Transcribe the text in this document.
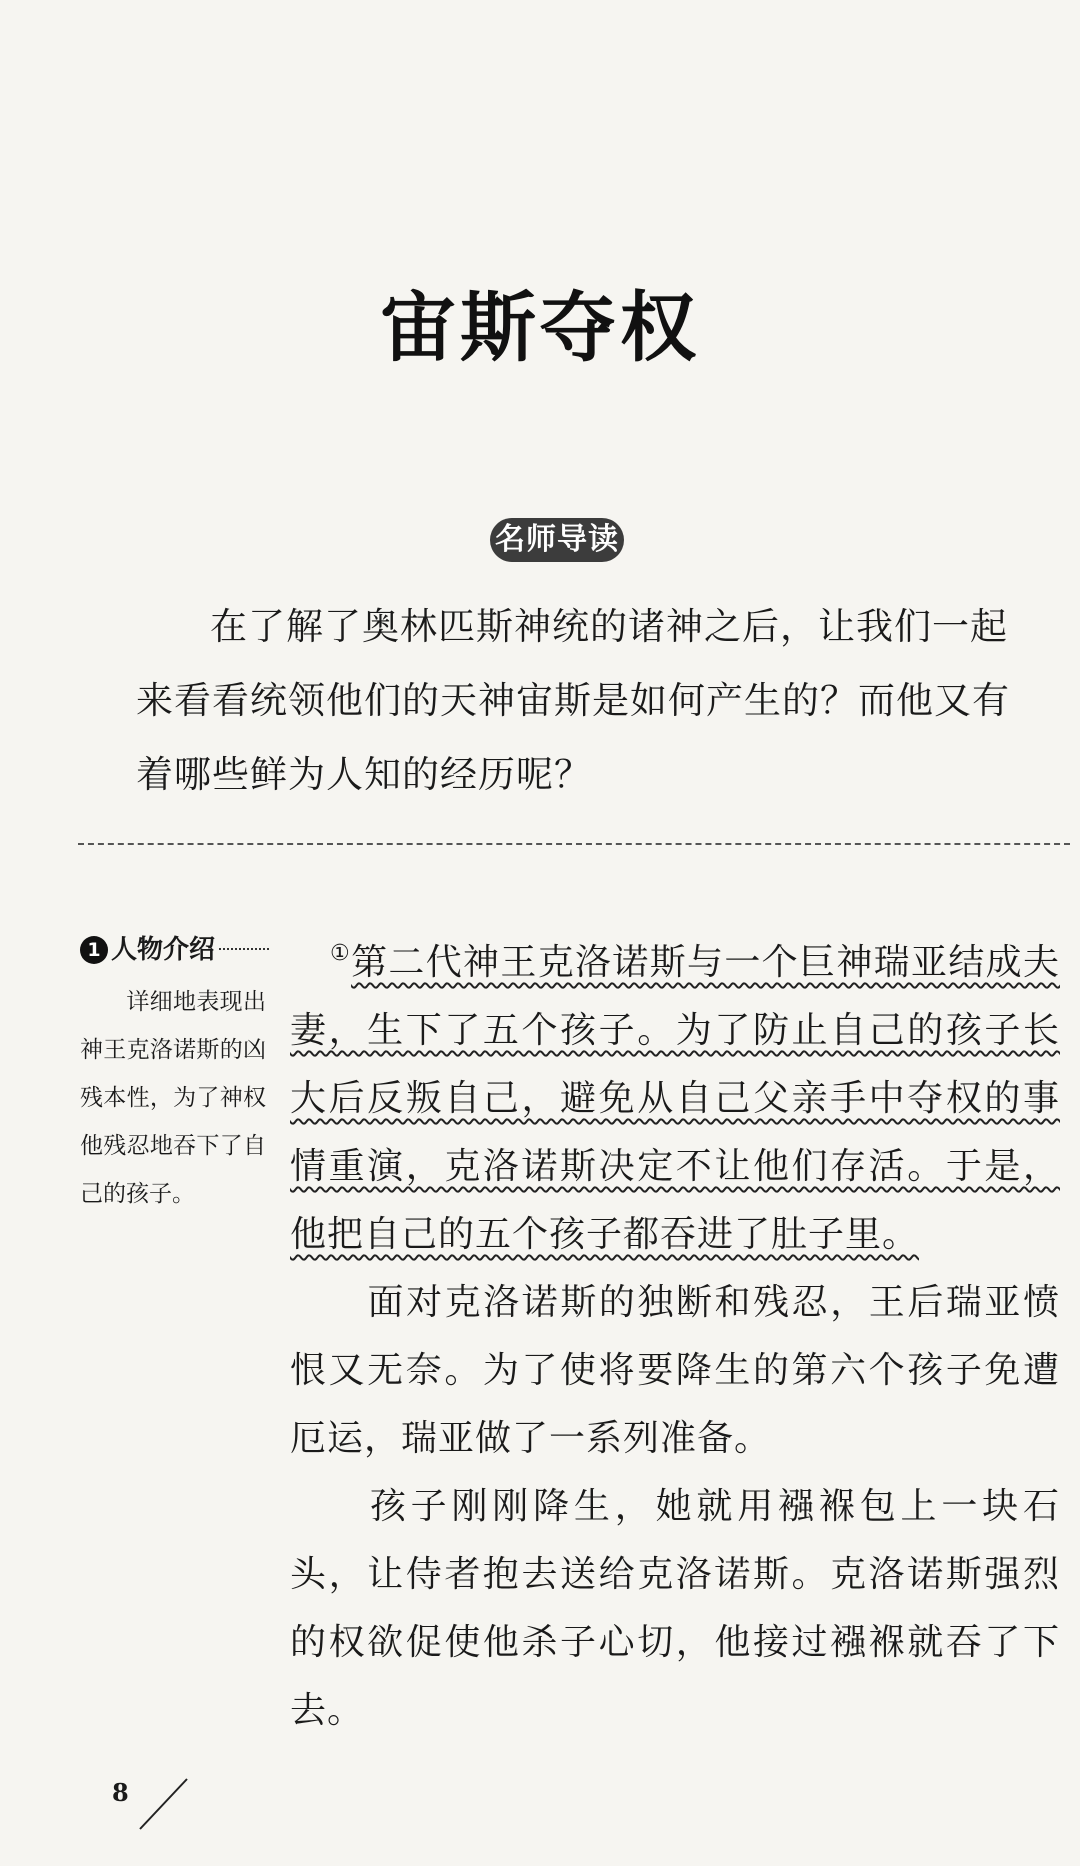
宙斯夺权
名师导读

在了解了奥林匹斯神统的诸神之后，让我们一起来看看统领他们的天神宙斯是如何产生的？而他又有着哪些鲜为人知的经历呢？

1 人物介绍

详细地表现出神王克洛诺斯的凶残本性，为了神权他残忍地吞下了自己的孩子。

①第二代神王克洛诺斯与一个巨神瑞亚结成夫妻，生下了五个孩子。为了防止自己的孩子长大后反叛自己，避免从自己父亲手中夺权的事情重演，克洛诺斯决定不让他们存活。于是，他把自己的五个孩子都吞进了肚子里。

面对克洛诺斯的独断和残忍，王后瑞亚愤恨又无奈。为了使将要降生的第六个孩子免遭厄运，瑞亚做了一系列准备。

孩子刚刚降生，她就用襁褓包上一块石头，让侍者抱去送给克洛诺斯。克洛诺斯强烈的权欲促使他杀子心切，他接过襁褓就吞了下去。

8
